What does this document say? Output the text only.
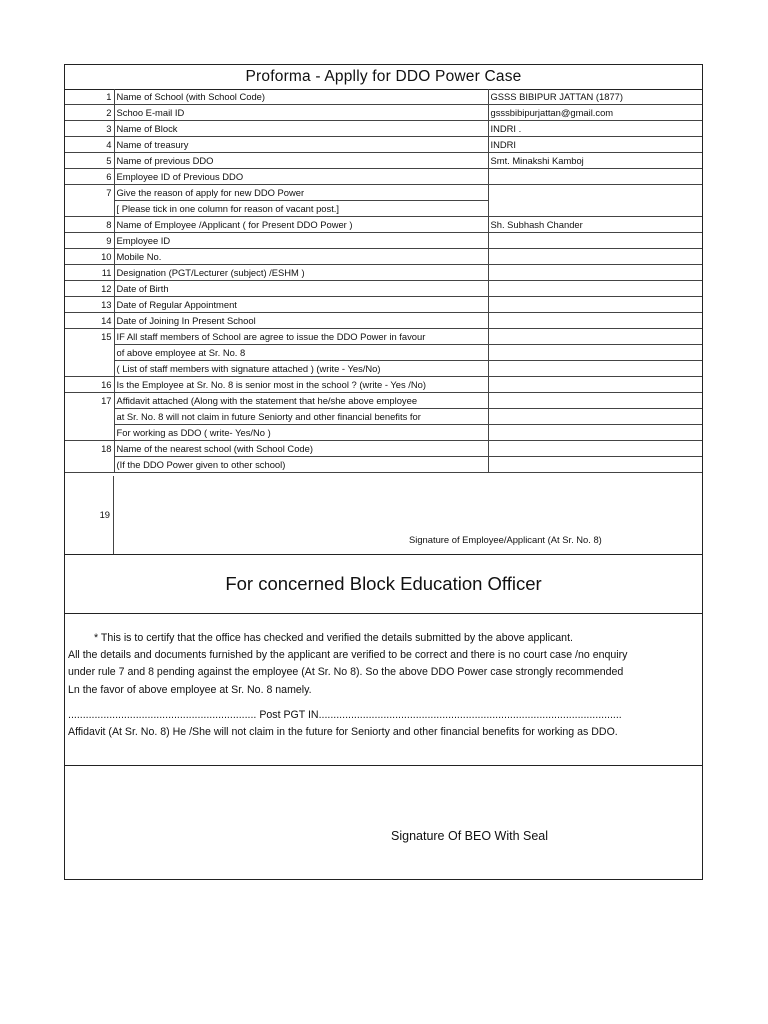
Proforma - Applly for DDO Power Case
1	Name of School (with School Code)	GSSS BIBIPUR JATTAN (1877)
2	Schoo E-mail ID	gsssbibipurjattan@gmail.com
3	Name of Block	INDRI .
4	Name of treasury	INDRI
5	Name of previous DDO	Smt. Minakshi Kamboj
6	Employee ID of Previous DDO	
7	Give the reason of apply for new DDO Power	
	[ Please tick in one column for reason of vacant post.]	
8	Name of Employee /Applicant ( for Present DDO Power )	Sh. Subhash Chander
9	Employee ID	
10	Mobile No.	
11	Designation (PGT/Lecturer (subject) /ESHM )	
12	Date of Birth	
13	Date of Regular Appointment	
14	Date of Joining In Present School	
15	IF All staff members of School are agree to issue the DDO Power in favour	
	of above employee at Sr. No. 8	
	( List of staff members with signature attached ) (write - Yes/No)	
16	Is the Employee at Sr. No. 8 is senior most in the school ? (write - Yes /No)	
17	Affidavit attached (Along with the statement that he/she above employee	
	at Sr. No. 8 will not claim in future Seniorty and other financial benefits for	
	For working as DDO ( write- Yes/No )	
18	Name of the nearest school (with School Code)	
	(If the DDO Power given to other school)	
19
Signature of Employee/Applicant (At Sr. No. 8)
For concerned Block Education Officer

* This is to certify that the office has checked and verified the details submitted by the above applicant.

All the details and documents furnished by the applicant are verified to be correct and there is no court case /no enquiry

under rule 7 and 8 pending against the employee (At Sr. No 8). So the above DDO Power case strongly recommended

Ln the favor of above employee at Sr. No. 8 namely.

................................................................ Post PGT IN.......................................................................................................

Affidavit (At Sr. No. 8) He /She will not claim in the future for Seniorty and other financial benefits for working as DDO.

Signature Of BEO With Seal
